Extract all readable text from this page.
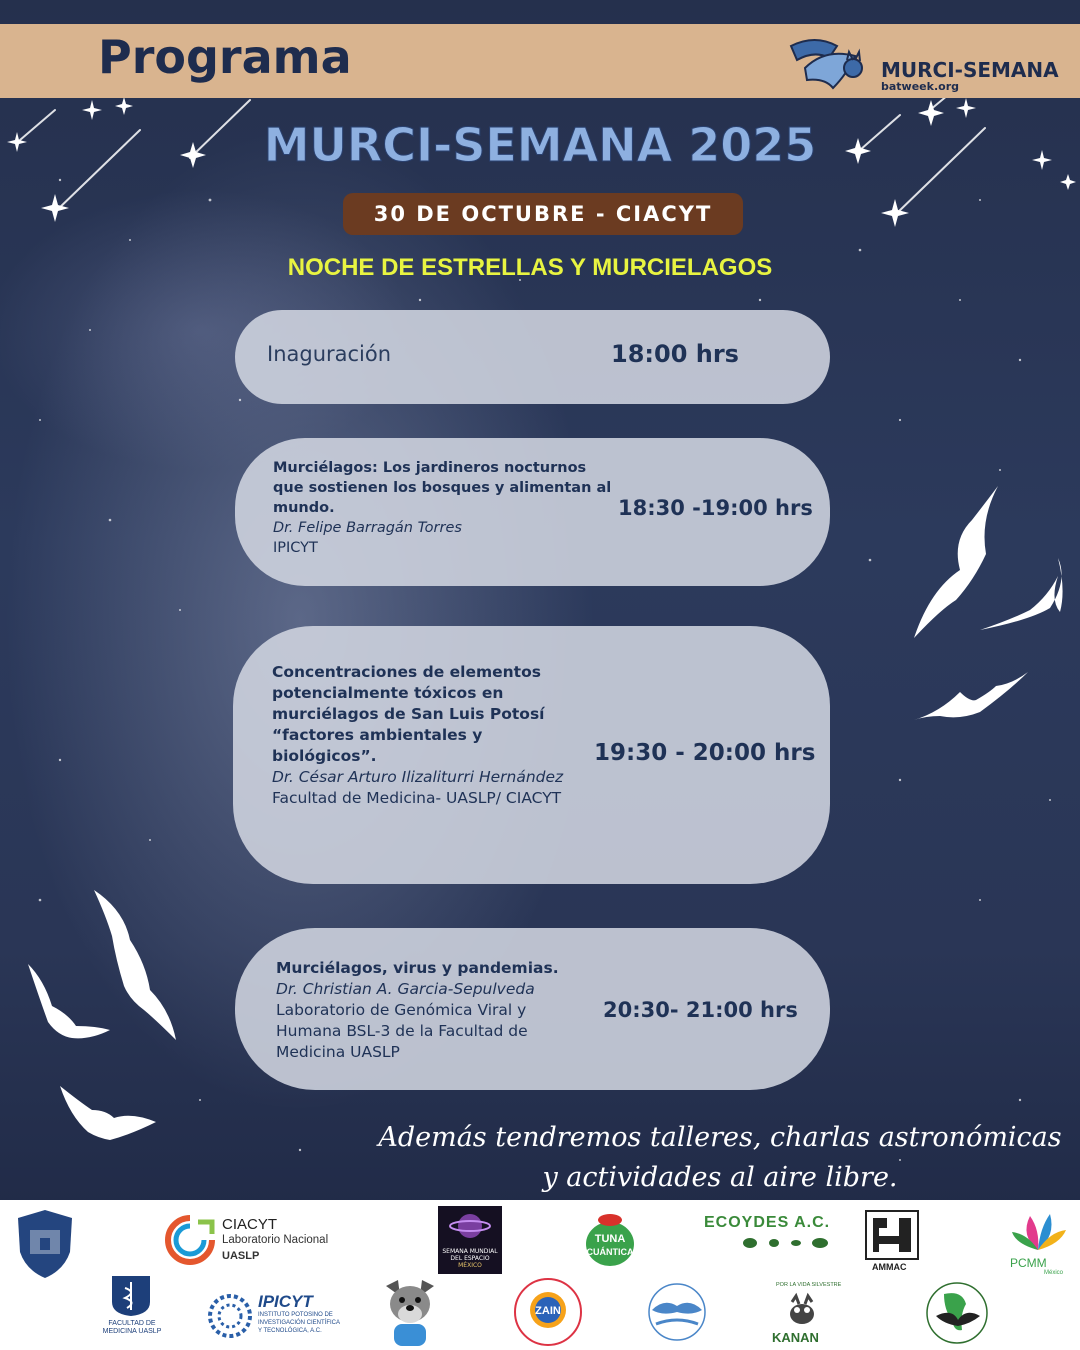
Programa	MURCI-SEMANA
batweek.org
MURCI-SEMANA 2025
30 DE OCTUBRE - CIACYT
NOCHE DE ESTRELLAS Y MURCIELAGOS
Inaguración	18:00 hrs
Murciélagos: Los jardineros nocturnos que sostienen los bosques y alimentan al mundo.
Dr. Felipe Barragán Torres
IPICYT
18:30 -19:00 hrs
Concentraciones de elementos potencialmente tóxicos en murciélagos de San Luis Potosí “factores ambientales y biológicos”.
Dr. César Arturo Ilizaliturri Hernández
Facultad de Medicina- UASLP/ CIACYT
19:30 - 20:00 hrs
Murciélagos, virus y pandemias.
Dr. Christian A. Garcia-Sepulveda
Laboratorio de Genómica Viral y Humana BSL-3 de la Facultad de Medicina UASLP
20:30- 21:00 hrs
Además tendremos talleres, charlas astronómicas
y actividades al aire libre.
CIACYT
Laboratorio Nacional
UASLP	SEMANA MUNDIAL DEL ESPACIO
MÉXICO
TUNA
CUÁNTICA
ECOYDES A.C.
AMMAC	PCMM
México
FACULTAD DE MEDICINA UASLP
IPICYT
INSTITUTO POTOSINO DE
INVESTIGACIÓN CIENTÍFICA
Y TECNOLÓGICA, A.C.
ZAIN
POR LA VIDA SILVESTRE
KANAN
